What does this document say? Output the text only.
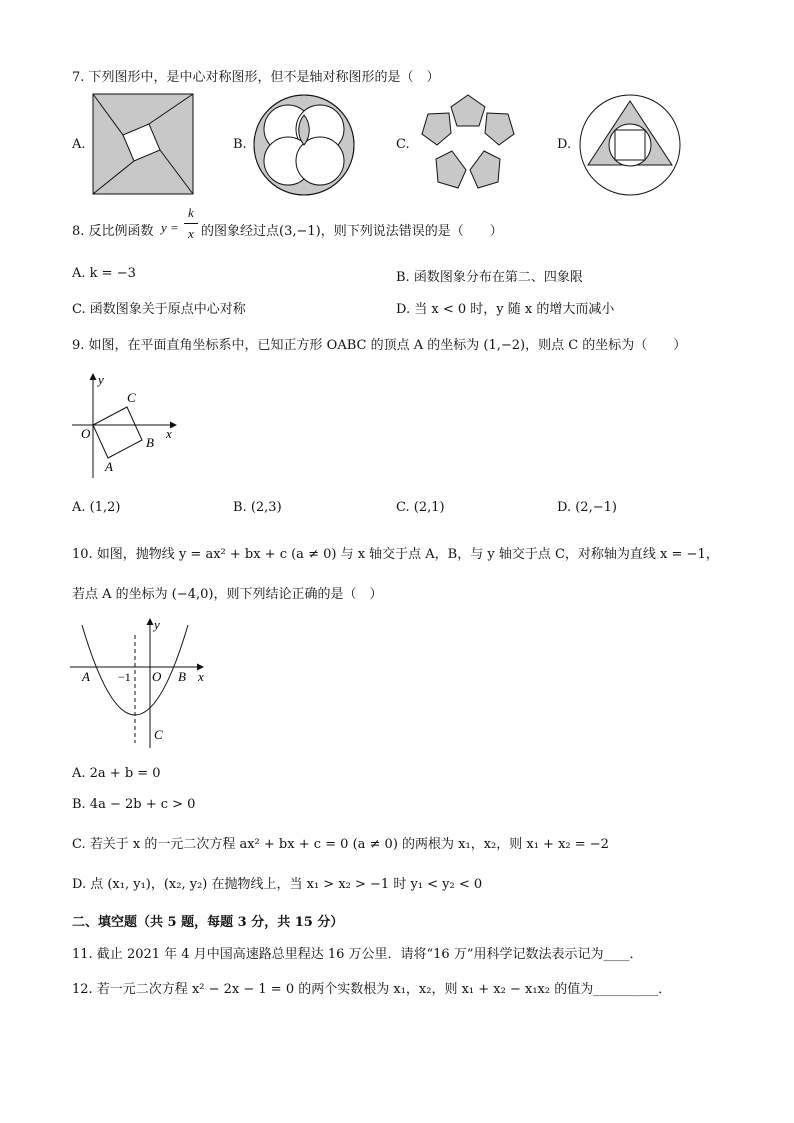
7. 下列图形中，是中心对称图形，但不是轴对称图形的是（　）
A.	B.	C.	D.
8. 反比例函数 y =
k
x 的图象经过点(3,−1)，则下列说法错误的是（　　）
A. k = −3	B. 函数图象分布在第二、四象限
C. 函数图象关于原点中心对称	D. 当 x < 0 时，y 随 x 的增大而减小
9. 如图，在平面直角坐标系中，已知正方形 OABC 的顶点 A 的坐标为 (1,−2)，则点 C 的坐标为（　　）
y
x
O
A
B
C
A. (1,2)	B. (2,3)	C. (2,1)	D. (2,−1)
10. 如图，抛物线 y = ax² + bx + c (a ≠ 0) 与 x 轴交于点 A，B，与 y 轴交于点 C，对称轴为直线 x = −1，
若点 A 的坐标为 (−4,0)，则下列结论正确的是（　）
y
x
A −1 O B
C
A. 2a + b = 0
B. 4a − 2b + c > 0
C. 若关于 x 的一元二次方程 ax² + bx + c = 0 (a ≠ 0) 的两根为 x₁，x₂，则 x₁ + x₂ = −2
D. 点 (x₁, y₁)，(x₂, y₂) 在抛物线上，当 x₁ > x₂ > −1 时 y₁ < y₂ < 0
二、填空题（共 5 题，每题 3 分，共 15 分）
11. 截止 2021 年 4 月中国高速路总里程达 16 万公里．请将“16 万”用科学记数法表示记为____．
12. 若一元二次方程 x² − 2x − 1 = 0 的两个实数根为 x₁，x₂，则 x₁ + x₂ − x₁x₂ 的值为__________．
